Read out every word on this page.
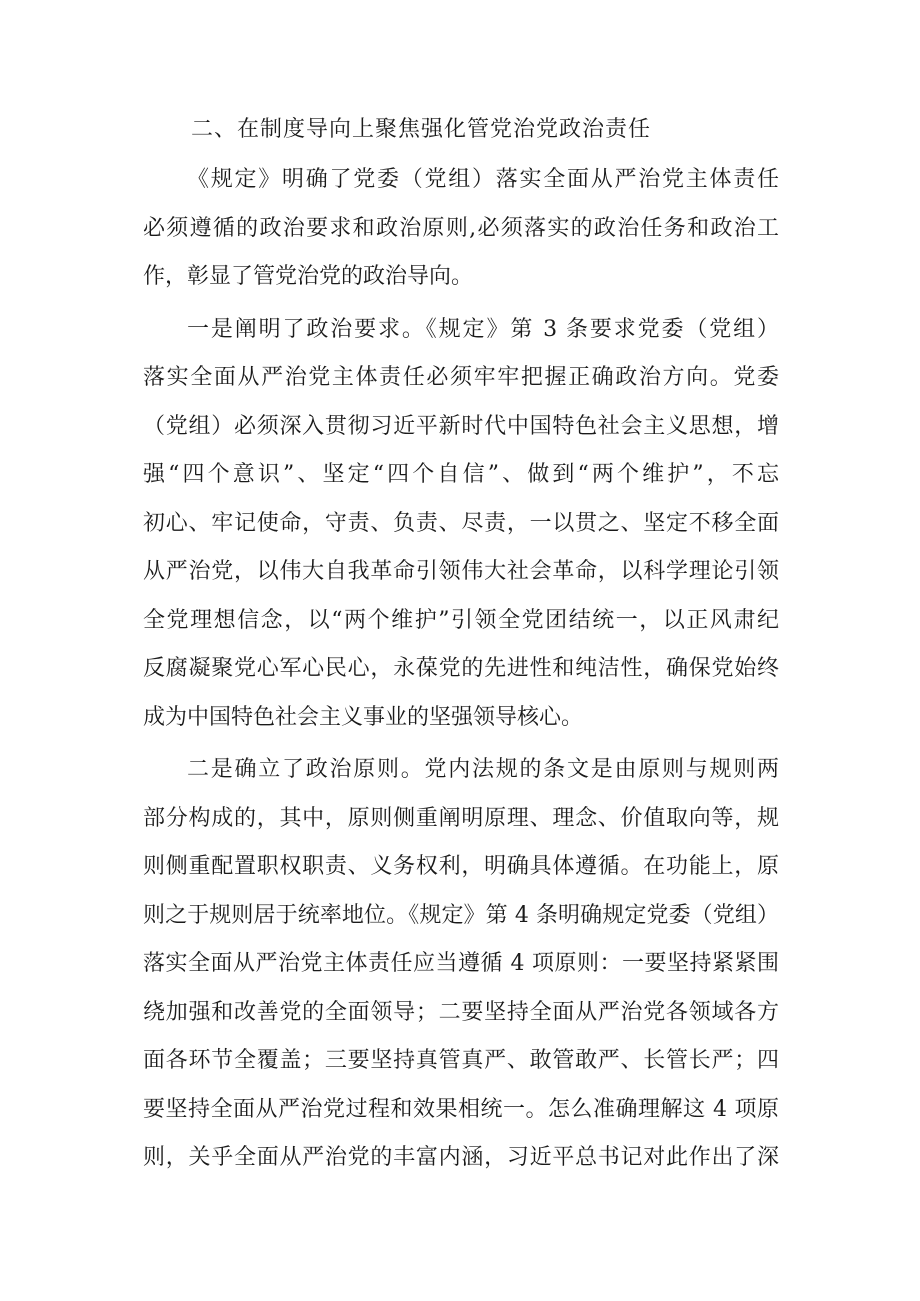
二、在制度导向上聚焦强化管党治党政治责任
《规定》明确了党委（党组）落实全面从严治党主体责任
必须遵循的政治要求和政治原则,必须落实的政治任务和政治工
作，彰显了管党治党的政治导向。
一是阐明了政治要求。《规定》第 3 条要求党委（党组）
落实全面从严治党主体责任必须牢牢把握正确政治方向。党委
（党组）必须深入贯彻习近平新时代中国特色社会主义思想，增
强“四个意识”、坚定“四个自信”、做到“两个维护”，不忘
初心、牢记使命，守责、负责、尽责，一以贯之、坚定不移全面
从严治党，以伟大自我革命引领伟大社会革命，以科学理论引领
全党理想信念，以“两个维护”引领全党团结统一，以正风肃纪
反腐凝聚党心军心民心，永葆党的先进性和纯洁性，确保党始终
成为中国特色社会主义事业的坚强领导核心。
二是确立了政治原则。党内法规的条文是由原则与规则两
部分构成的，其中，原则侧重阐明原理、理念、价值取向等，规
则侧重配置职权职责、义务权利，明确具体遵循。在功能上，原
则之于规则居于统率地位。《规定》第 4 条明确规定党委（党组）
落实全面从严治党主体责任应当遵循 4 项原则：一要坚持紧紧围
绕加强和改善党的全面领导；二要坚持全面从严治党各领域各方
面各环节全覆盖；三要坚持真管真严、敢管敢严、长管长严；四
要坚持全面从严治党过程和效果相统一。怎么准确理解这 4 项原
则，关乎全面从严治党的丰富内涵，习近平总书记对此作出了深
